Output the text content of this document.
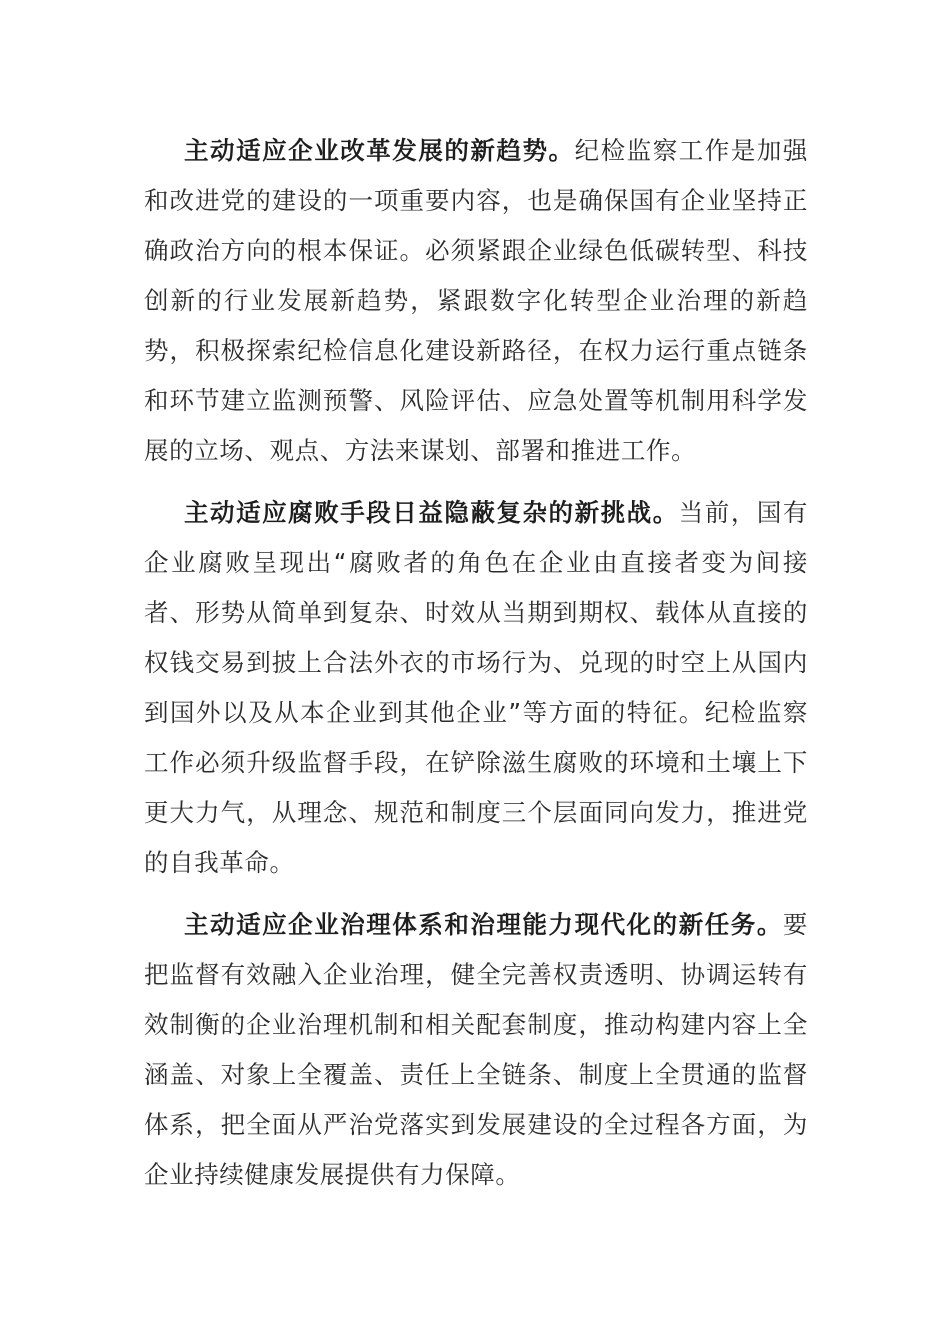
主动适应企业改革发展的新趋势。纪检监察工作是加强和改进党的建设的一项重要内容，也是确保国有企业坚持正确政治方向的根本保证。必须紧跟企业绿色低碳转型、科技创新的行业发展新趋势，紧跟数字化转型企业治理的新趋势，积极探索纪检信息化建设新路径，在权力运行重点链条和环节建立监测预警、风险评估、应急处置等机制用科学发展的立场、观点、方法来谋划、部署和推进工作。

主动适应腐败手段日益隐蔽复杂的新挑战。当前，国有企业腐败呈现出“腐败者的角色在企业由直接者变为间接者、形势从简单到复杂、时效从当期到期权、载体从直接的权钱交易到披上合法外衣的市场行为、兑现的时空上从国内到国外以及从本企业到其他企业”等方面的特征。纪检监察工作必须升级监督手段，在铲除滋生腐败的环境和土壤上下更大力气，从理念、规范和制度三个层面同向发力，推进党的自我革命。

主动适应企业治理体系和治理能力现代化的新任务。要把监督有效融入企业治理，健全完善权责透明、协调运转有效制衡的企业治理机制和相关配套制度，推动构建内容上全涵盖、对象上全覆盖、责任上全链条、制度上全贯通的监督体系，把全面从严治党落实到发展建设的全过程各方面，为企业持续健康发展提供有力保障。
